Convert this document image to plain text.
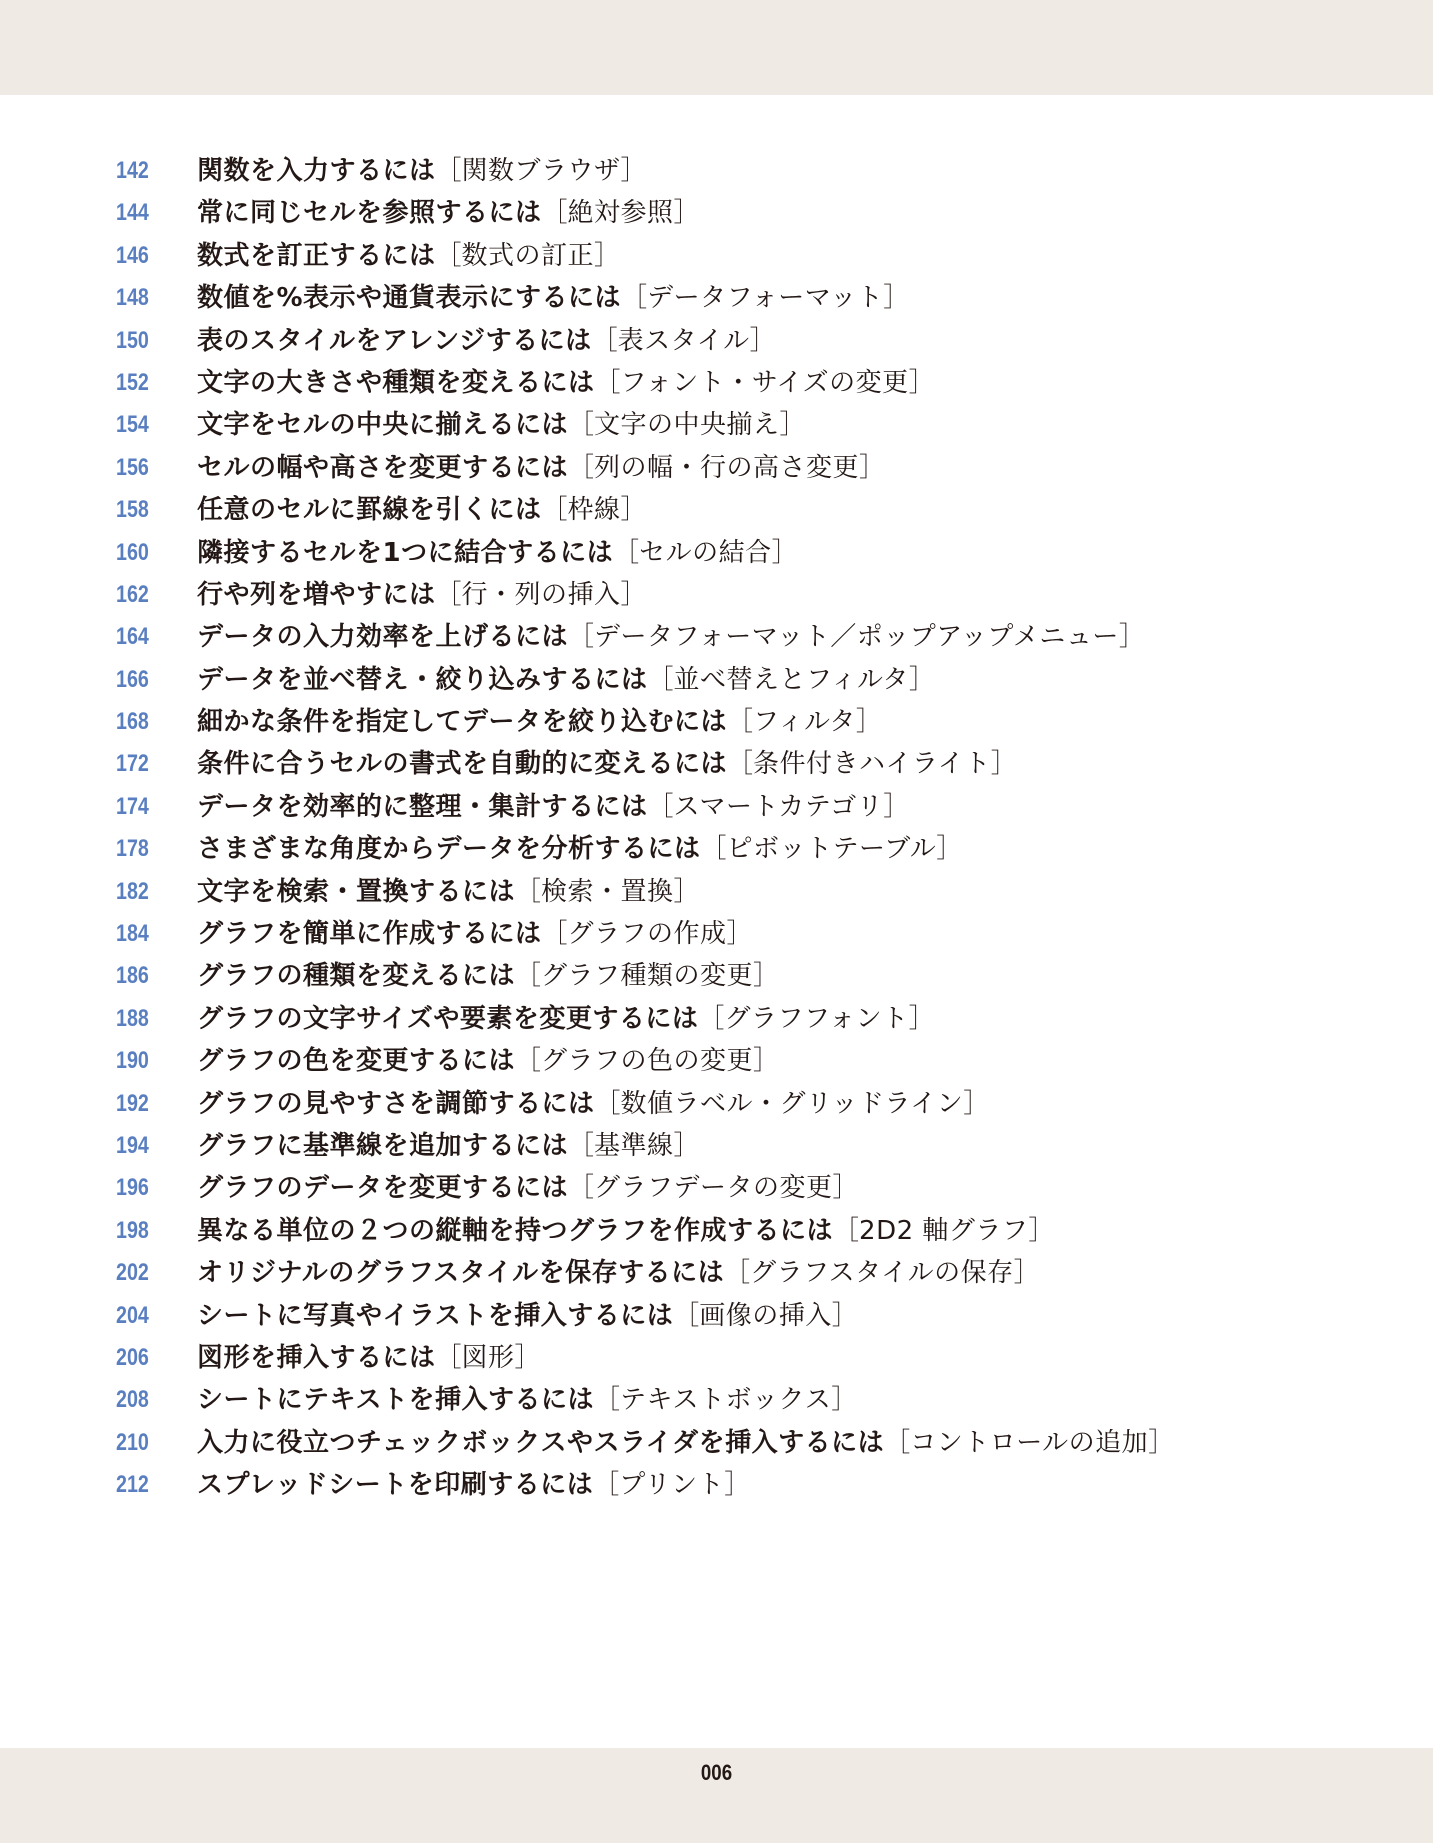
142	関数を入力するには［関数ブラウザ］
144	常に同じセルを参照するには［絶対参照］
146	数式を訂正するには［数式の訂正］
148	数値を%表示や通貨表示にするには［データフォーマット］
150	表のスタイルをアレンジするには［表スタイル］
152	文字の大きさや種類を変えるには［フォント・サイズの変更］
154	文字をセルの中央に揃えるには［文字の中央揃え］
156	セルの幅や高さを変更するには［列の幅・行の高さ変更］
158	任意のセルに罫線を引くには［枠線］
160	隣接するセルを1つに結合するには［セルの結合］
162	行や列を増やすには［行・列の挿入］
164	データの入力効率を上げるには［データフォーマット／ポップアップメニュー］
166	データを並べ替え・絞り込みするには［並べ替えとフィルタ］
168	細かな条件を指定してデータを絞り込むには［フィルタ］
172	条件に合うセルの書式を自動的に変えるには［条件付きハイライト］
174	データを効率的に整理・集計するには［スマートカテゴリ］
178	さまざまな角度からデータを分析するには［ピボットテーブル］
182	文字を検索・置換するには［検索・置換］
184	グラフを簡単に作成するには［グラフの作成］
186	グラフの種類を変えるには［グラフ種類の変更］
188	グラフの文字サイズや要素を変更するには［グラフフォント］
190	グラフの色を変更するには［グラフの色の変更］
192	グラフの見やすさを調節するには［数値ラベル・グリッドライン］
194	グラフに基準線を追加するには［基準線］
196	グラフのデータを変更するには［グラフデータの変更］
198	異なる単位の２つの縦軸を持つグラフを作成するには［2D2 軸グラフ］
202	オリジナルのグラフスタイルを保存するには［グラフスタイルの保存］
204	シートに写真やイラストを挿入するには［画像の挿入］
206	図形を挿入するには［図形］
208	シートにテキストを挿入するには［テキストボックス］
210	入力に役立つチェックボックスやスライダを挿入するには［コントロールの追加］
212	スプレッドシートを印刷するには［プリント］
006
